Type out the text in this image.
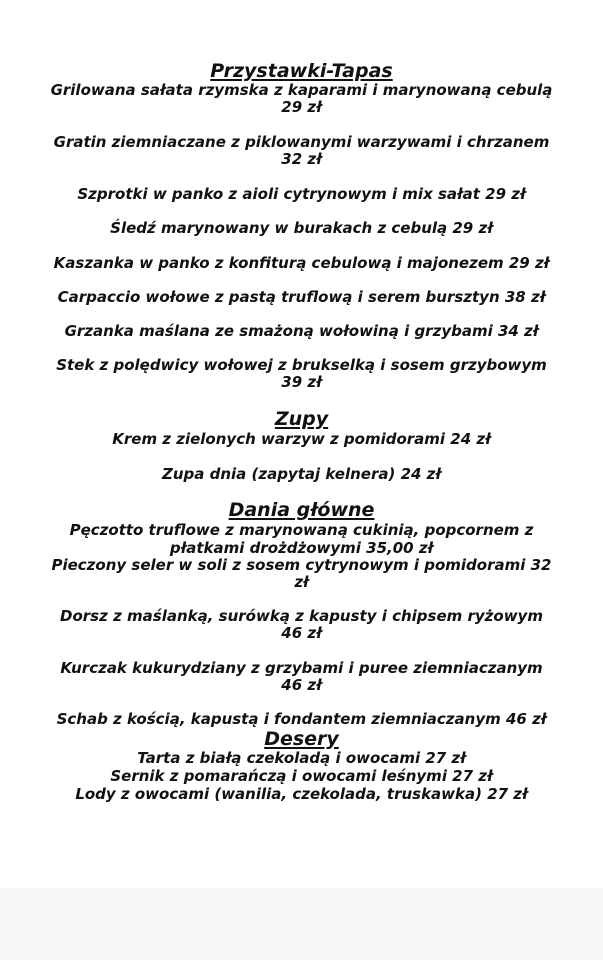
Przystawki-Tapas
Grilowana sałata rzymska z kaparami i marynowaną cebulą
29 zł
Gratin ziemniaczane z piklowanymi warzywami i chrzanem
32 zł
Szprotki w panko z aioli cytrynowym i mix sałat 29 zł
Śledź marynowany w burakach z cebulą 29 zł
Kaszanka w panko z konfiturą cebulową i majonezem 29 zł
Carpaccio wołowe z pastą truflową i serem bursztyn 38 zł
Grzanka maślana ze smażoną wołowiną i grzybami 34 zł
Stek z polędwicy wołowej z brukselką i sosem grzybowym
39 zł
Zupy
Krem z zielonych warzyw z pomidorami 24 zł
Zupa dnia (zapytaj kelnera) 24 zł
Dania główne
Pęczotto truflowe z marynowaną cukinią, popcornem z
płatkami drożdżowymi 35,00 zł
Pieczony seler w soli z sosem cytrynowym i pomidorami 32
zł
Dorsz z maślanką, surówką z kapusty i chipsem ryżowym
46 zł
Kurczak kukurydziany z grzybami i puree ziemniaczanym
46 zł
Schab z kością, kapustą i fondantem ziemniaczanym 46 zł
Desery
Tarta z białą czekoladą i owocami 27 zł
Sernik z pomarańczą i owocami leśnymi 27 zł
Lody z owocami (wanilia, czekolada, truskawka) 27 zł
